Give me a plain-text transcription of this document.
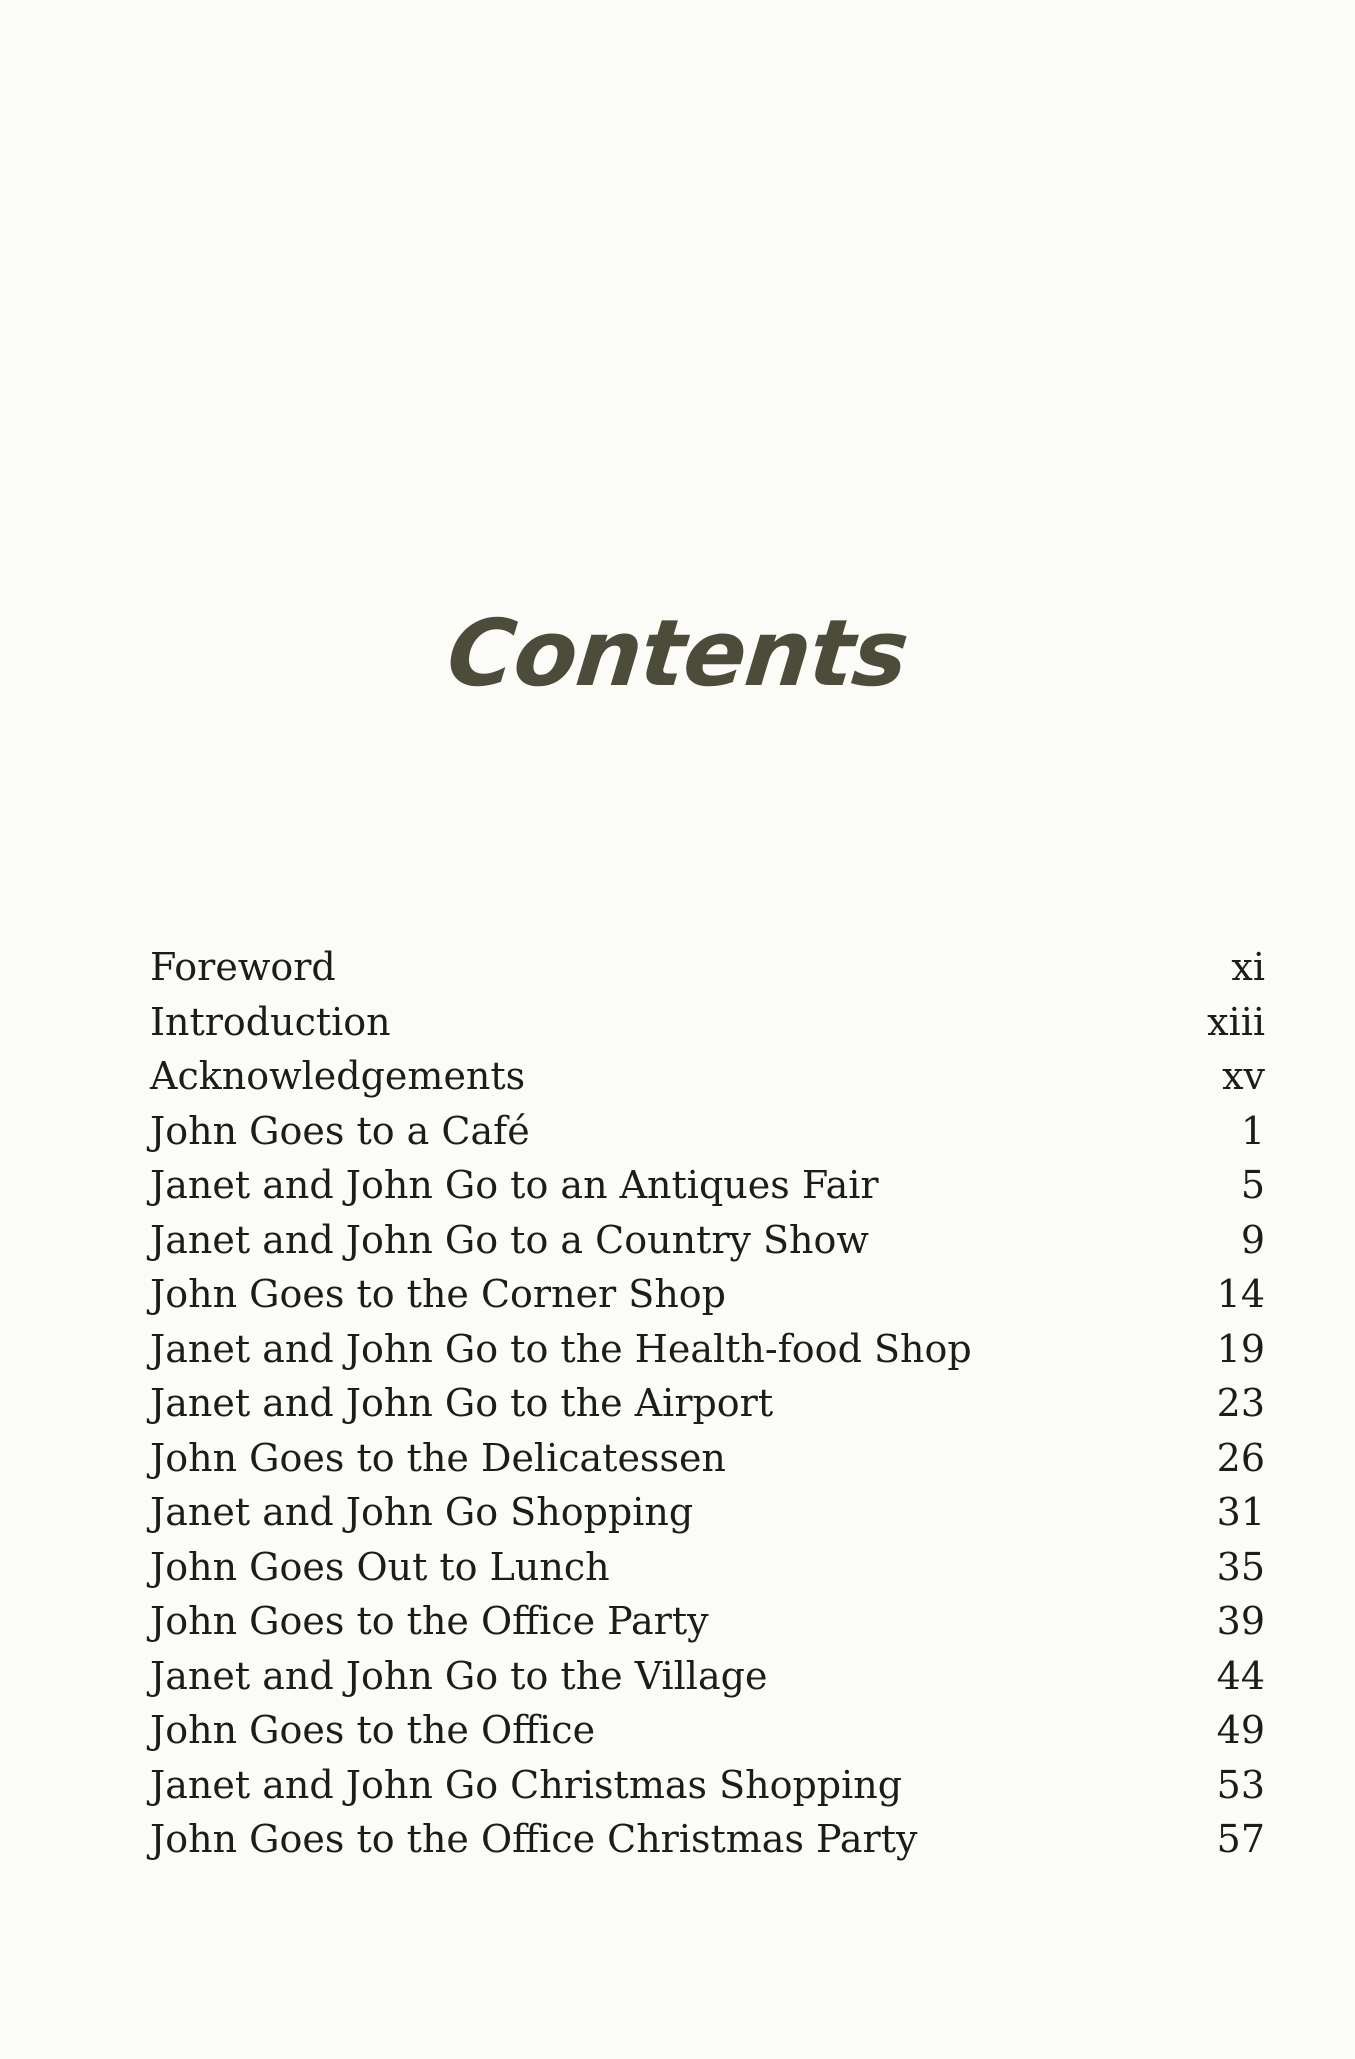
Contents
Foreword	xi
Introduction	xiii
Acknowledgements	xv
John Goes to a Café	1
Janet and John Go to an Antiques Fair	5
Janet and John Go to a Country Show	9
John Goes to the Corner Shop	14
Janet and John Go to the Health-food Shop	19
Janet and John Go to the Airport	23
John Goes to the Delicatessen	26
Janet and John Go Shopping	31
John Goes Out to Lunch	35
John Goes to the Office Party	39
Janet and John Go to the Village	44
John Goes to the Office	49
Janet and John Go Christmas Shopping	53
John Goes to the Office Christmas Party	57
